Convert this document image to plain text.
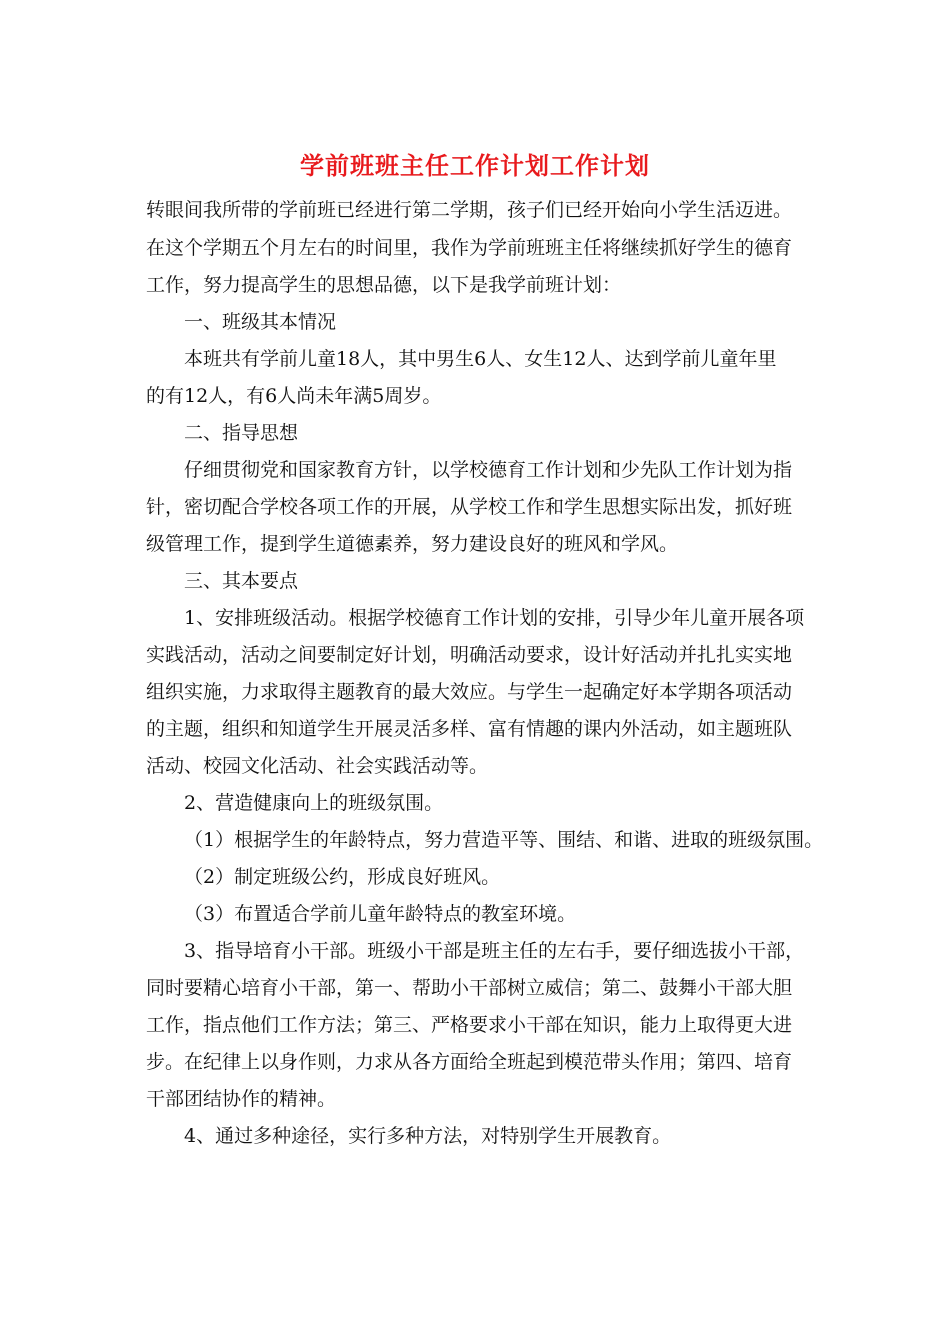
学前班班主任工作计划工作计划
转眼间我所带的学前班已经进行第二学期，孩子们已经开始向小学生活迈进。
在这个学期五个月左右的时间里，我作为学前班班主任将继续抓好学生的德育
工作，努力提高学生的思想品德，以下是我学前班计划：
一、班级其本情况
本班共有学前儿童18人，其中男生6人、女生12人、达到学前儿童年里
的有12人，有6人尚未年满5周岁。
二、指导思想
仔细贯彻党和国家教育方针，以学校德育工作计划和少先队工作计划为指
针，密切配合学校各项工作的开展，从学校工作和学生思想实际出发，抓好班
级管理工作，提到学生道德素养，努力建设良好的班风和学风。
三、其本要点
1、安排班级活动。根据学校德育工作计划的安排，引导少年儿童开展各项
实践活动，活动之间要制定好计划，明确活动要求，设计好活动并扎扎实实地
组织实施，力求取得主题教育的最大效应。与学生一起确定好本学期各项活动
的主题，组织和知道学生开展灵活多样、富有情趣的课内外活动，如主题班队
活动、校园文化活动、社会实践活动等。
2、营造健康向上的班级氛围。
（1）根据学生的年龄特点，努力营造平等、围结、和谐、进取的班级氛围。
（2）制定班级公约，形成良好班风。
（3）布置适合学前儿童年龄特点的教室环境。
3、指导培育小干部。班级小干部是班主任的左右手，要仔细选拔小干部，
同时要精心培育小干部，第一、帮助小干部树立威信；第二、鼓舞小干部大胆
工作，指点他们工作方法；第三、严格要求小干部在知识，能力上取得更大进
步。在纪律上以身作则，力求从各方面给全班起到模范带头作用；第四、培育
干部团结协作的精神。
4、通过多种途径，实行多种方法，对特别学生开展教育。
